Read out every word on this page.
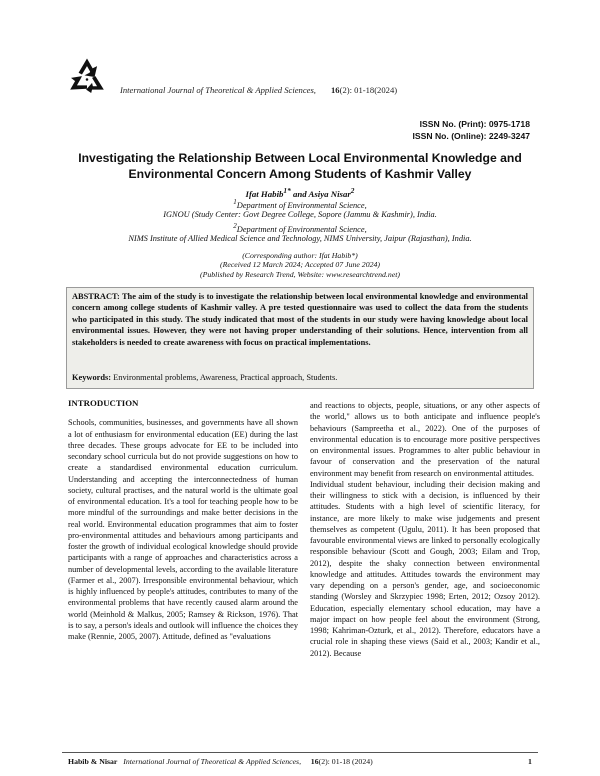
International Journal of Theoretical & Applied Sciences, 16(2): 01-18(2024)
ISSN No. (Print): 0975-1718
ISSN No. (Online): 2249-3247
Investigating the Relationship Between Local Environmental Knowledge and Environmental Concern Among Students of Kashmir Valley
Ifat Habib$^{1*}$ and Asiya Nisar$^2$
$^1$Department of Environmental Science,
IGNOU (Study Center: Govt Degree College, Sopore (Jammu & Kashmir), India.
$^2$Department of Environmental Science,
NIMS Institute of Allied Medical Science and Technology, NIMS University, Jaipur (Rajasthan), India.
(Corresponding author: Ifat Habib*)
(Received 12 March 2024; Accepted 07 June 2024)
(Published by Research Trend, Website: www.researchtrend.net)
ABSTRACT: The aim of the study is to investigate the relationship between local environmental knowledge and environmental concern among college students of Kashmir valley. A pre tested questionnaire was used to collect the data from the students who participated in this study. The study indicated that most of the students in our study were having knowledge about local environmental issues. However, they were not having proper understanding of their solutions. Hence, intervention from all stakeholders is needed to create awareness with focus on practical implementations.
Keywords: Environmental problems, Awareness, Practical approach, Students.

INTRODUCTION

Schools, communities, businesses, and governments have all shown a lot of enthusiasm for environmental education (EE) during the last three decades. These groups advocate for EE to be included into secondary school curricula but do not provide suggestions on how to create a standardised environmental education curriculum. Understanding and accepting the interconnectedness of human society, cultural practises, and the natural world is the ultimate goal of environmental education. It's a tool for teaching people how to be more mindful of the surroundings and make better decisions in the real world. Environmental education programmes that aim to foster pro-environmental attitudes and behaviours among participants and foster the growth of individual ecological knowledge should provide participants with a range of approaches and characteristics across a number of developmental levels, according to the available literature (Farmer et al., 2007). Irresponsible environmental behaviour, which is highly influenced by people's attitudes, contributes to many of the environmental problems that have recently caused alarm around the world (Meinhold & Malkus, 2005; Ramsey & Rickson, 1976). That is to say, a person's ideals and outlook will influence the choices they make (Rennie, 2005, 2007). Attitude, defined as "evaluations

and reactions to objects, people, situations, or any other aspects of the world," allows us to both anticipate and influence people's behaviours (Sampreetha et al., 2022). One of the purposes of environmental education is to encourage more positive perspectives on environmental issues. Programmes to alter public behaviour in favour of conservation and the preservation of the natural environment may benefit from research on environmental attitudes.

Individual student behaviour, including their decision making and their willingness to stick with a decision, is influenced by their attitudes. Students with a high level of scientific literacy, for instance, are more likely to make wise judgements and present themselves as competent (Ugulu, 2011). It has been proposed that favourable environmental views are linked to personally ecologically responsible behaviour (Scott and Gough, 2003; Eilam and Trop, 2012), despite the shaky connection between environmental knowledge and attitudes. Attitudes towards the environment may vary depending on a person's gender, age, and socioeconomic standing (Worsley and Skrzypiec 1998; Erten, 2012; Ozsoy 2012). Education, especially elementary school education, may have a major impact on how people feel about the environment (Strong, 1998; Kahriman-Ozturk, et al., 2012). Therefore, educators have a crucial role in shaping these views (Said et al., 2003; Kandir et al., 2012). Because

Habib & Nisar International Journal of Theoretical & Applied Sciences, 16(2): 01-18 (2024)	1
